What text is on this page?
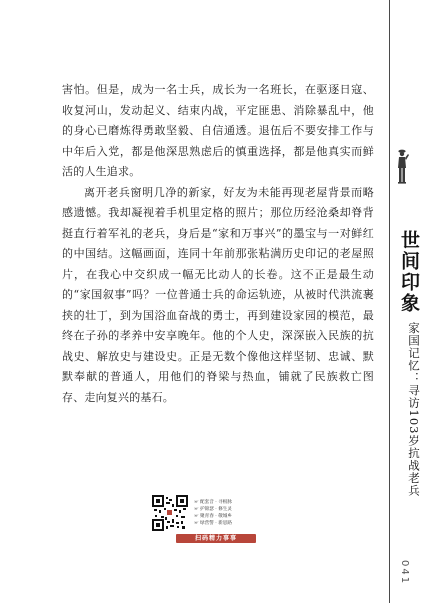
害怕。但是，成为一名士兵，成长为一名班长，在驱逐日寇、收复河山，发动起义、结束内战，平定匪患、消除暴乱中，他的身心已磨炼得勇敢坚毅、自信通透。退伍后不要安排工作与中年后入党，都是他深思熟虑后的慎重选择，都是他真实而鲜活的人生追求。

离开老兵窗明几净的新家，好友为未能再现老屋背景而略感遗憾。我却凝视着手机里定格的照片；那位历经沧桑却脊背挺直行着军礼的老兵，身后是“家和万事兴”的墨宝与一对鲜红的中国结。这幅画面，连同十年前那张粘满历史印记的老屋照片，在我心中交织成一幅无比动人的长卷。这不正是最生动的“家国叙事”吗？一位普通士兵的命运轨迹，从被时代洪流裹挟的壮丁，到为国浴血奋战的勇士，再到建设家园的模范，最终在子孙的孝养中安享晚年。他的个人史，深深嵌入民族的抗战史、解放史与建设史。正是无数个像他这样坚韧、忠诚、默默奉献的普通人，用他们的脊梁与热血，铺就了民族救亡图存、走向复兴的基石。

世间印象
家国记忆：寻访103岁抗战老兵
041
☞ 配套音 · 寻根脉
☞ 护锦瑟 · 修生灵
☞ 聚青春 · 敬城乡
☞ 绿营警 · 新思路
扫码精力事事
